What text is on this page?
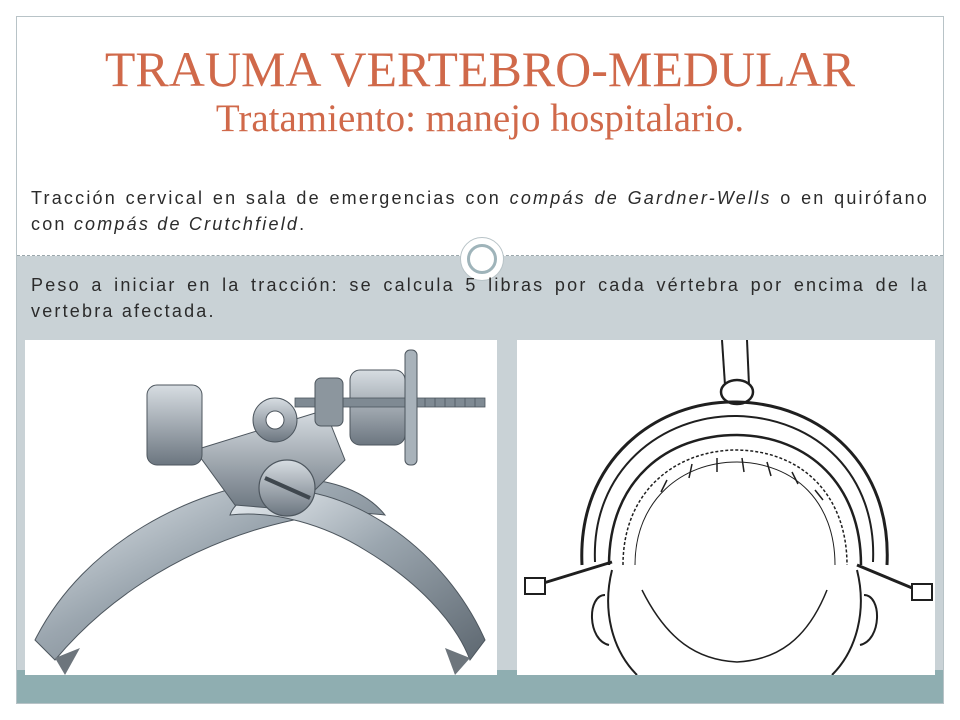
TRAUMA VERTEBRO-MEDULAR
Tratamiento: manejo hospitalario.
Tracción cervical en sala de emergencias con compás de Gardner-Wells o en quirófano con compás de Crutchfield.
Peso a iniciar en la tracción: se calcula 5 libras por cada vértebra por encima de la vertebra afectada.
